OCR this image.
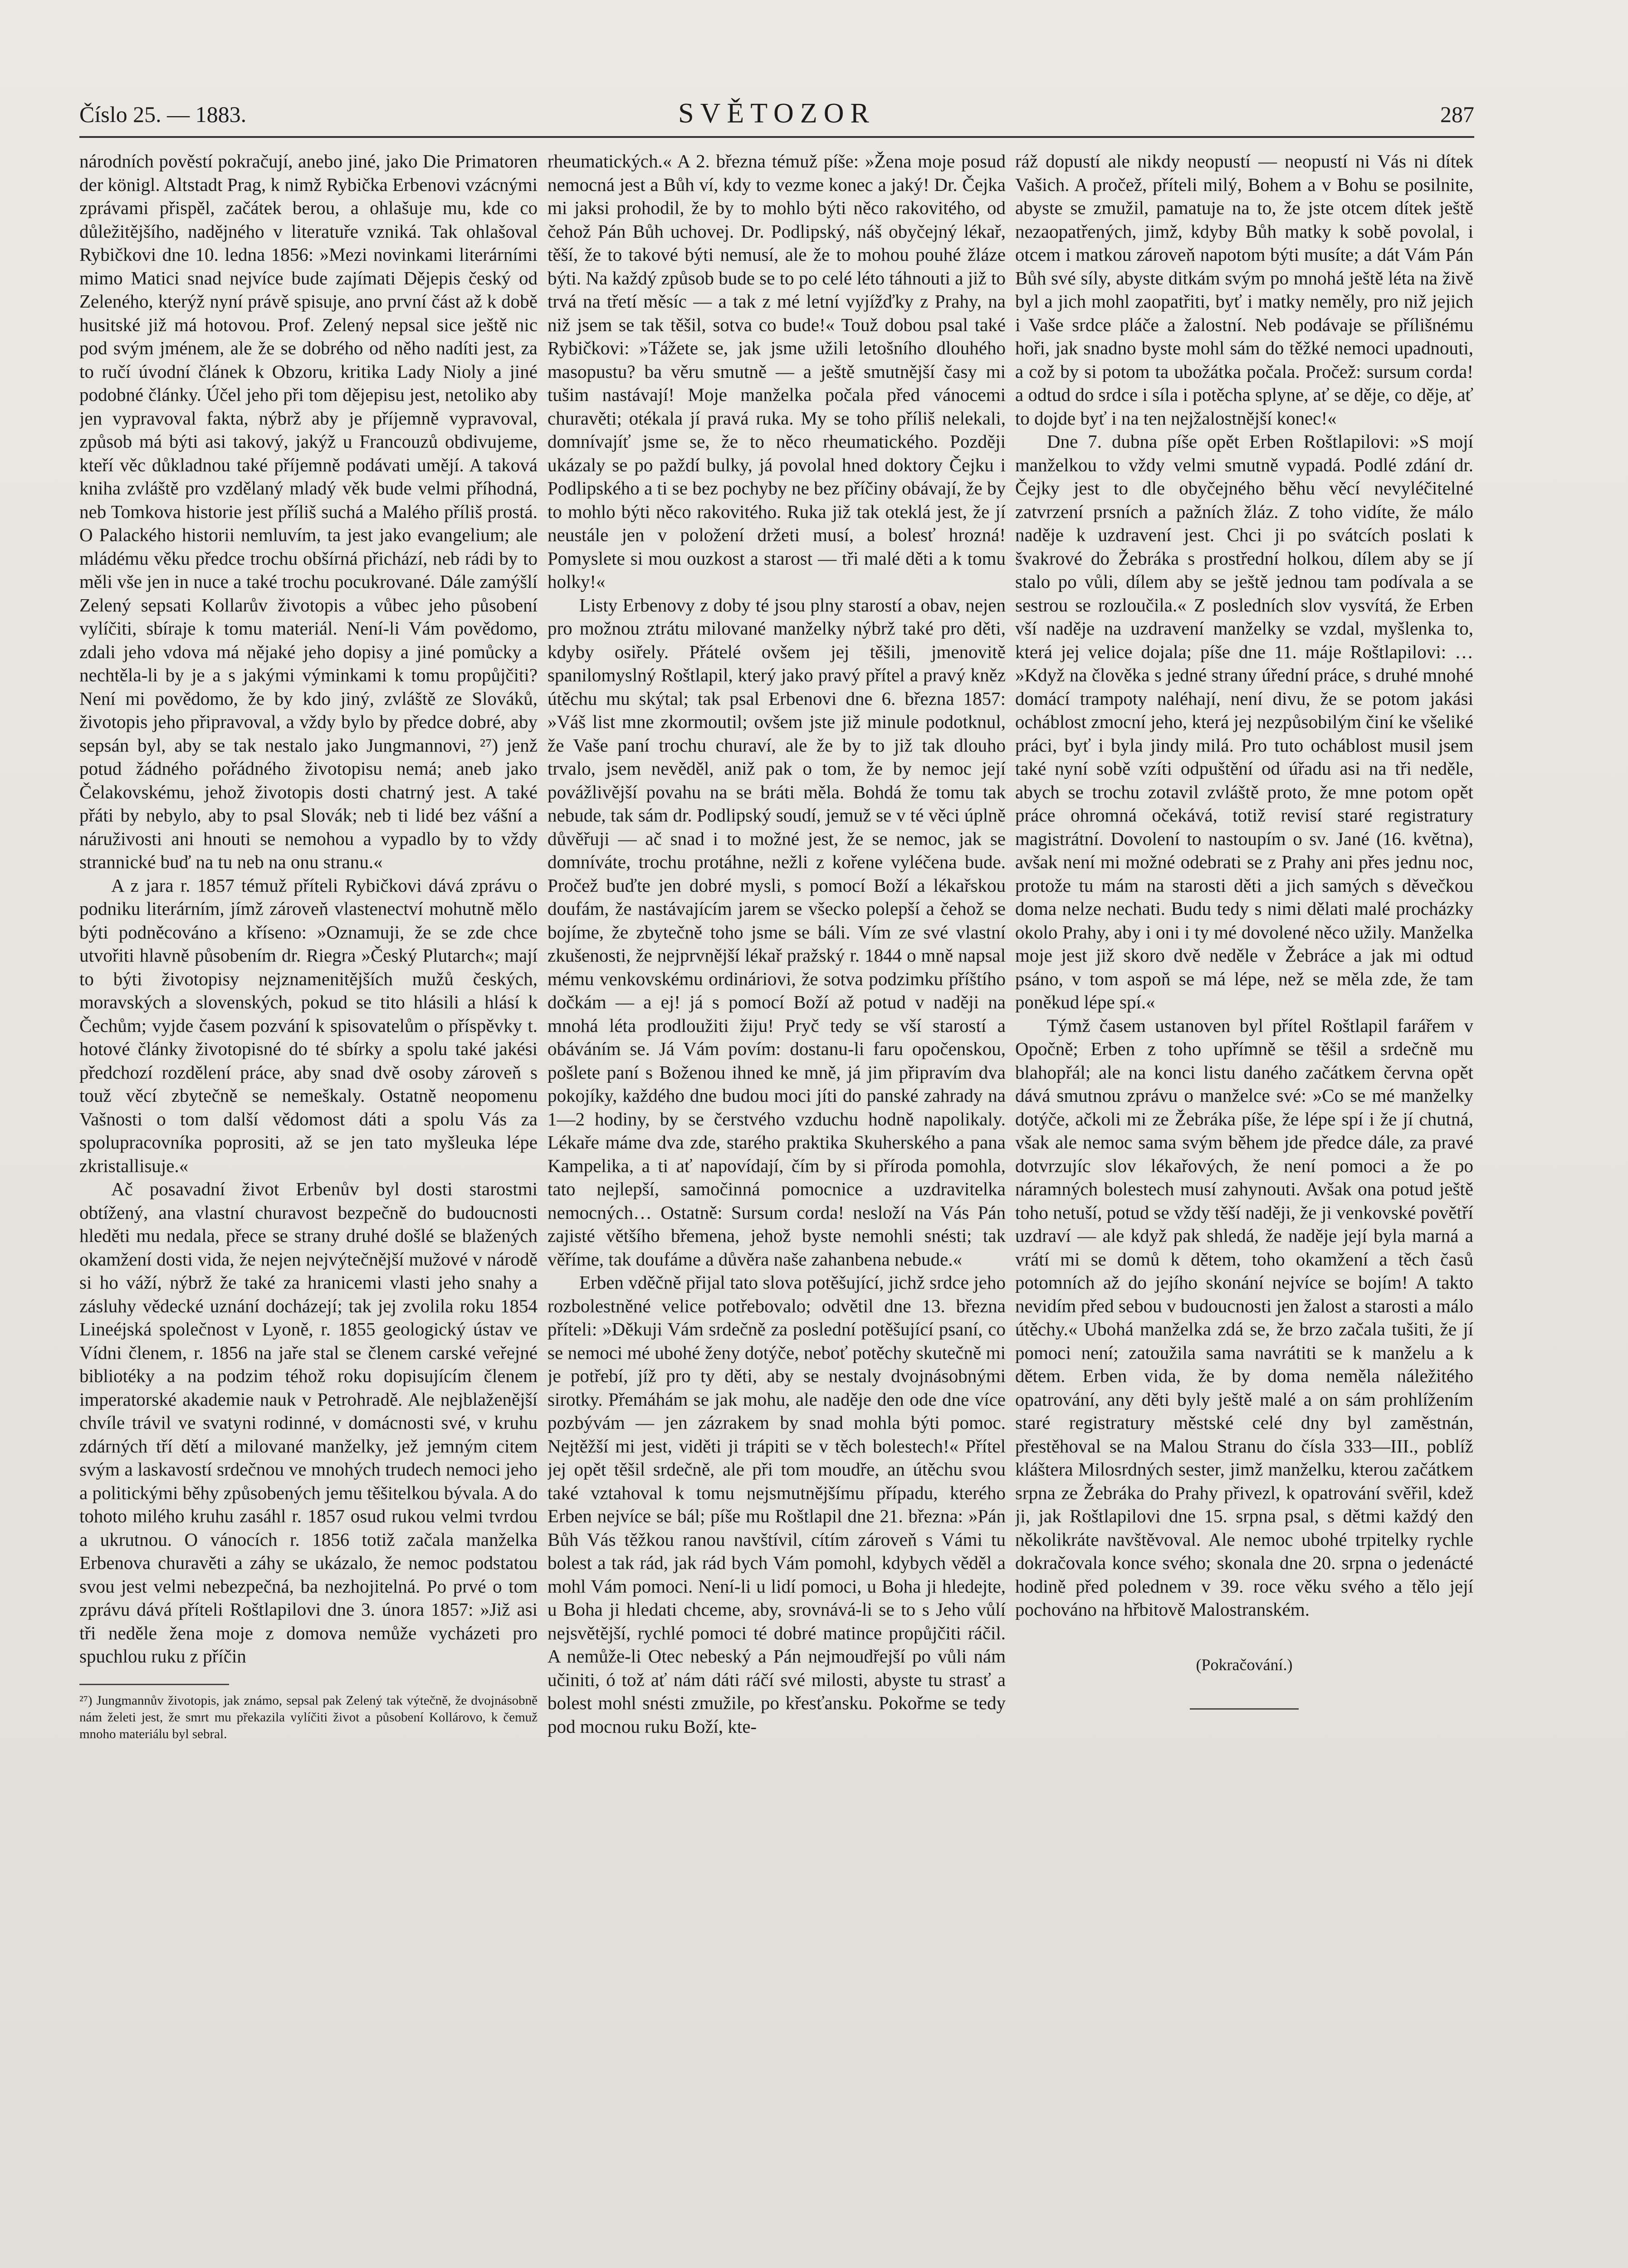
Číslo 25. — 1883.	SVĚTOZOR	287

národních pověstí pokračují, anebo jiné, jako Die Primatoren der königl. Altstadt Prag, k nimž Rybička Erbenovi vzácnými zprávami přispěl, začátek berou, a ohlašuje mu, kde co důležitějšího, nadějného v literatuře vzniká. Tak ohlašoval Rybičkovi dne 10. ledna 1856: »Mezi novinkami literárními mimo Matici snad nejvíce bude zajímati Dějepis český od Zeleného, kterýž nyní právě spisuje, ano první část až k době husitské již má hotovou. Prof. Zelený nepsal sice ještě nic pod svým jménem, ale že se dobrého od něho nadíti jest, za to ručí úvodní článek k Obzoru, kritika Lady Nioly a jiné podobné články. Účel jeho při tom dějepisu jest, netoliko aby jen vypravoval fakta, nýbrž aby je příjemně vypravoval, způsob má býti asi takový, jakýž u Francouzů obdivujeme, kteří věc důkladnou také příjemně podávati umějí. A taková kniha zvláště pro vzdělaný mladý věk bude velmi příhodná, neb Tomkova historie jest příliš suchá a Malého příliš prostá. O Palackého historii nemluvím, ta jest jako evangelium; ale mládému věku předce trochu obšírná přichází, neb rádi by to měli vše jen in nuce a také trochu pocukrované. Dále zamýšlí Zelený sepsati Kollarův životopis a vůbec jeho působení vylíčiti, sbíraje k tomu materiál. Není-li Vám povědomo, zdali jeho vdova má nějaké jeho dopisy a jiné pomůcky a nechtěla-li by je a s jakými výminkami k tomu propůjčiti? Není mi povědomo, že by kdo jiný, zvláště ze Slováků, životopis jeho připravoval, a vždy bylo by předce dobré, aby sepsán byl, aby se tak nestalo jako Jungmannovi, ²⁷) jenž potud žádného pořádného životopisu nemá; aneb jako Čelakovskému, jehož životopis dosti chatrný jest. A také přáti by nebylo, aby to psal Slovák; neb ti lidé bez vášní a náruživosti ani hnouti se nemohou a vypadlo by to vždy strannické buď na tu neb na onu stranu.«

A z jara r. 1857 témuž příteli Rybičkovi dává zprávu o podniku literárním, jímž zároveň vlastenectví mohutně mělo býti podněcováno a kříseno: »Oznamuji, že se zde chce utvořiti hlavně působením dr. Riegra »Český Plutarch«; mají to býti životopisy nejznamenitějších mužů českých, moravských a slovenských, pokud se tito hlásili a hlásí k Čechům; vyjde časem pozvání k spisovatelům o příspěvky t. hotové články životopisné do té sbírky a spolu také jakési předchozí rozdělení práce, aby snad dvě osoby zároveň s touž věcí zbytečně se nemeškaly. Ostatně neopomenu Vašnosti o tom další vědomost dáti a spolu Vás za spolupracovníka poprositi, až se jen tato myšleuka lépe zkristallisuje.«

Ač posavadní život Erbenův byl dosti starostmi obtížený, ana vlastní churavost bezpečně do budoucnosti hleděti mu nedala, přece se strany druhé došlé se blažených okamžení dosti vida, že nejen nejvýtečnější mužové v národě si ho váží, nýbrž že také za hranicemi vlasti jeho snahy a zásluhy vědecké uznání docházejí; tak jej zvolila roku 1854 Lineéjská společnost v Lyoně, r. 1855 geologický ústav ve Vídni členem, r. 1856 na jaře stal se členem carské veřejné bibliotéky a na podzim téhož roku dopisujícím členem imperatorské akademie nauk v Petrohradě. Ale nejblaženější chvíle trávil ve svatyni rodinné, v domácnosti své, v kruhu zdárných tří dětí a milované manželky, jež jemným citem svým a laskavostí srdečnou ve mnohých trudech nemoci jeho a politickými běhy způsobených jemu těšitelkou bývala. A do tohoto milého kruhu zasáhl r. 1857 osud rukou velmi tvrdou a ukrutnou. O vánocích r. 1856 totiž začala manželka Erbenova churavěti a záhy se ukázalo, že nemoc podstatou svou jest velmi nebezpečná, ba nezhojitelná. Po prvé o tom zprávu dává příteli Roštlapilovi dne 3. února 1857: »Již asi tři neděle žena moje z domova nemůže vycházeti pro spuchlou ruku z příčin

²⁷) Jungmannův životopis, jak známo, sepsal pak Zelený tak výtečně, že dvojnásobně nám želeti jest, že smrt mu překazila vylíčiti život a působení Kollárovo, k čemuž mnoho materiálu byl sebral.

rheumatických.« A 2. března témuž píše: »Žena moje posud nemocná jest a Bůh ví, kdy to vezme konec a jaký! Dr. Čejka mi jaksi prohodil, že by to mohlo býti něco rakovitého, od čehož Pán Bůh uchovej. Dr. Podlipský, náš obyčejný lékař, těší, že to takové býti nemusí, ale že to mohou pouhé žláze býti. Na každý způsob bude se to po celé léto táhnouti a již to trvá na třetí měsíc — a tak z mé letní vyjížďky z Prahy, na niž jsem se tak těšil, sotva co bude!« Touž dobou psal také Rybičkovi: »Tážete se, jak jsme užili letošního dlouhého masopustu? ba věru smutně — a ještě smutnější časy mi tušim nastávají! Moje manželka počala před vánocemi churavěti; otékala jí pravá ruka. My se toho příliš nelekali, domnívajíť jsme se, že to něco rheumatického. Později ukázaly se po paždí bulky, já povolal hned doktory Čejku i Podlipského a ti se bez pochyby ne bez příčiny obávají, že by to mohlo býti něco rakovitého. Ruka již tak oteklá jest, že jí neustále jen v položení držeti musí, a bolesť hrozná! Pomyslete si mou ouzkost a starost — tři malé děti a k tomu holky!«

Listy Erbenovy z doby té jsou plny starostí a obav, nejen pro možnou ztrátu milované manželky nýbrž také pro děti, kdyby osiřely. Přátelé ovšem jej těšili, jmenovitě spanilomyslný Roštlapil, který jako pravý přítel a pravý kněz útěchu mu skýtal; tak psal Erbenovi dne 6. března 1857: »Váš list mne zkormoutil; ovšem jste již minule podotknul, že Vaše paní trochu churaví, ale že by to již tak dlouho trvalo, jsem nevěděl, aniž pak o tom, že by nemoc její povážlivější povahu na se bráti měla. Bohdá že tomu tak nebude, tak sám dr. Podlipský soudí, jemuž se v té věci úplně důvěřuji — ač snad i to možné jest, že se nemoc, jak se domníváte, trochu protáhne, nežli z kořene vyléčena bude. Pročež buďte jen dobré mysli, s pomocí Boží a lékařskou doufám, že nastávajícím jarem se všecko polepší a čehož se bojíme, že zbytečně toho jsme se báli. Vím ze své vlastní zkušenosti, že nejprvnější lékař pražský r. 1844 o mně napsal mému venkovskému ordináriovi, že sotva podzimku příštího dočkám — a ej! já s pomocí Boží až potud v naději na mnohá léta prodloužiti žiju! Pryč tedy se vší starostí a obáváním se. Já Vám povím: dostanu-li faru opočenskou, pošlete paní s Boženou ihned ke mně, já jim připravím dva pokojíky, každého dne budou moci jíti do panské zahrady na 1—2 hodiny, by se čerstvého vzduchu hodně napolikaly. Lékaře máme dva zde, starého praktika Skuherského a pana Kampelika, a ti ať napovídají, čím by si příroda pomohla, tato nejlepší, samočinná pomocnice a uzdravitelka nemocných… Ostatně: Sursum corda! nesloží na Vás Pán zajisté většího břemena, jehož byste nemohli snésti; tak věříme, tak doufáme a důvěra naše zahanbena nebude.«

Erben vděčně přijal tato slova potěšující, jichž srdce jeho rozbolestněné velice potřebovalo; odvětil dne 13. března příteli: »Děkuji Vám srdečně za poslední potěšující psaní, co se nemoci mé ubohé ženy dotýče, neboť potěchy skutečně mi je potřebí, jíž pro ty děti, aby se nestaly dvojnásobnými sirotky. Přemáhám se jak mohu, ale naděje den ode dne více pozbývám — jen zázrakem by snad mohla býti pomoc. Nejtěžší mi jest, viděti ji trápiti se v těch bolestech!« Přítel jej opět těšil srdečně, ale při tom moudře, an útěchu svou také vztahoval k tomu nejsmutnějšímu případu, kterého Erben nejvíce se bál; píše mu Roštlapil dne 21. března: »Pán Bůh Vás těžkou ranou navštívil, cítím zároveň s Vámi tu bolest a tak rád, jak rád bych Vám pomohl, kdybych věděl a mohl Vám pomoci. Není-li u lidí pomoci, u Boha ji hledejte, u Boha ji hledati chceme, aby, srovnává-li se to s Jeho vůlí nejsvětější, rychlé pomoci té dobré matince propůjčiti ráčil. A nemůže-li Otec nebeský a Pán nejmoudřejší po vůli nám učiniti, ó tož ať nám dáti ráčí své milosti, abyste tu strasť a bolest mohl snésti zmužile, po křesťansku. Pokořme se tedy pod mocnou ruku Boží, kte-

ráž dopustí ale nikdy neopustí — neopustí ni Vás ni dítek Vašich. A pročež, příteli milý, Bohem a v Bohu se posilnite, abyste se zmužil, pamatuje na to, že jste otcem dítek ještě nezaopatřených, jimž, kdyby Bůh matky k sobě povolal, i otcem i matkou zároveň napotom býti musíte; a dát Vám Pán Bůh své síly, abyste ditkám svým po mnohá ještě léta na živě byl a jich mohl zaopatřiti, byť i matky neměly, pro niž jejich i Vaše srdce pláče a žalostní. Neb podávaje se přílišnému hoři, jak snadno byste mohl sám do těžké nemoci upadnouti, a což by si potom ta ubožátka počala. Pročež: sursum corda! a odtud do srdce i síla i potěcha splyne, ať se děje, co děje, ať to dojde byť i na ten nejžalostnější konec!«

Dne 7. dubna píše opět Erben Roštlapilovi: »S mojí manželkou to vždy velmi smutně vypadá. Podlé zdání dr. Čejky jest to dle obyčejného běhu věcí nevyléčitelné zatvrzení prsních a pažních žláz. Z toho vidíte, že málo naděje k uzdravení jest. Chci ji po svátcích poslati k švakrové do Žebráka s prostřední holkou, dílem aby se jí stalo po vůli, dílem aby se ještě jednou tam podívala a se sestrou se rozloučila.« Z posledních slov vysvítá, že Erben vší naděje na uzdravení manželky se vzdal, myšlenka to, která jej velice dojala; píše dne 11. máje Roštlapilovi: … »Když na člověka s jedné strany úřední práce, s druhé mnohé domácí trampoty naléhají, není divu, že se potom jakási ocháblost zmocní jeho, která jej nezpůsobilým činí ke všeliké práci, byť i byla jindy milá. Pro tuto ocháblost musil jsem také nyní sobě vzíti odpuštění od úřadu asi na tři neděle, abych se trochu zotavil zvláště proto, že mne potom opět práce ohromná očekává, totiž revisí staré registratury magistrátní. Dovolení to nastoupím o sv. Jané (16. května), avšak není mi možné odebrati se z Prahy ani přes jednu noc, protože tu mám na starosti děti a jich samých s děvečkou doma nelze nechati. Budu tedy s nimi dělati malé procházky okolo Prahy, aby i oni i ty mé dovolené něco užily. Manželka moje jest již skoro dvě neděle v Žebráce a jak mi odtud psáno, v tom aspoň se má lépe, než se měla zde, že tam poněkud lépe spí.«

Týmž časem ustanoven byl přítel Roštlapil farářem v Opočně; Erben z toho upřímně se těšil a srdečně mu blahopřál; ale na konci listu daného začátkem června opět dává smutnou zprávu o manželce své: »Co se mé manželky dotýče, ačkoli mi ze Žebráka píše, že lépe spí i že jí chutná, však ale nemoc sama svým během jde předce dále, za pravé dotvrzujíc slov lékařových, že není pomoci a že po náramných bolestech musí zahynouti. Avšak ona potud ještě toho netuší, potud se vždy těší naději, že ji venkovské povětří uzdraví — ale když pak shledá, že naděje její byla marná a vrátí mi se domů k dětem, toho okamžení a těch časů potomních až do jejího skonání nejvíce se bojím! A takto nevidím před sebou v budoucnosti jen žalost a starosti a málo útěchy.« Ubohá manželka zdá se, že brzo začala tušiti, že jí pomoci není; zatoužila sama navrátiti se k manželu a k dětem. Erben vida, že by doma neměla náležitého opatrování, any děti byly ještě malé a on sám prohlížením staré registratury městské celé dny byl zaměstnán, přestěhoval se na Malou Stranu do čísla 333—III., poblíž kláštera Milosrdných sester, jimž manželku, kterou začátkem srpna ze Žebráka do Prahy přivezl, k opatrování svěřil, kdež ji, jak Roštlapilovi dne 15. srpna psal, s dětmi každý den několikráte navštěvoval. Ale nemoc ubohé trpitelky rychle dokračovala konce svého; skonala dne 20. srpna o jedenácté hodině před polednem v 39. roce věku svého a tělo její pochováno na hřbitově Malostranském.

(Pokračování.)
